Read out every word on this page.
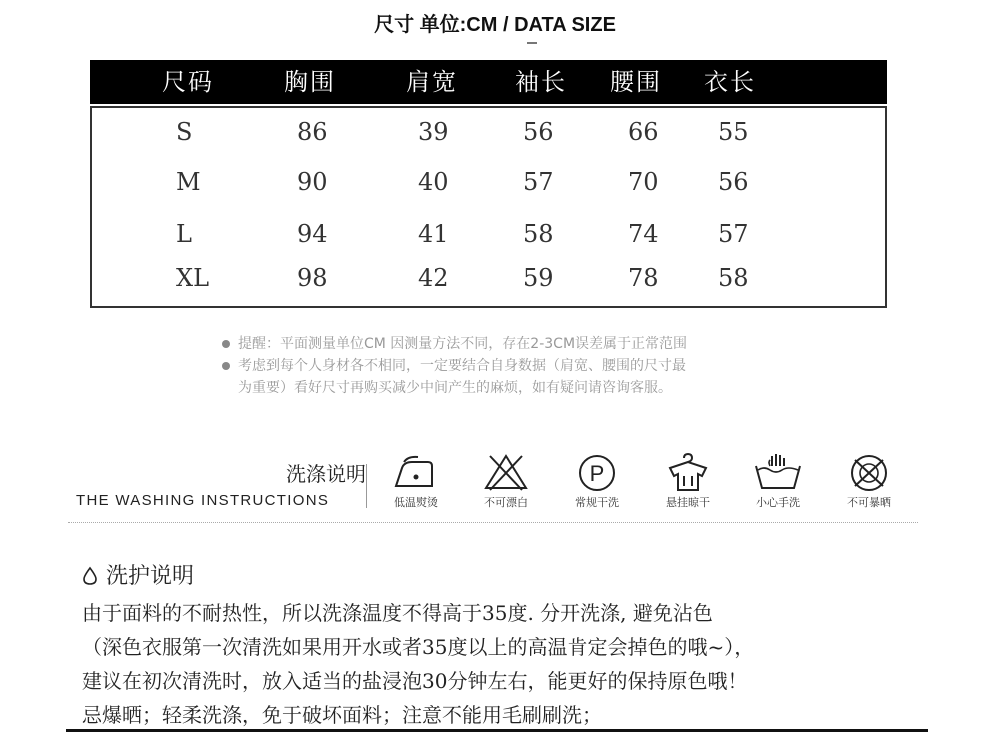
尺寸 单位:CM / DATA SIZE
尺码	胸围	肩宽 袖长 腰围 衣长
S	86	39	56	66 55
M	90	40	57	70 56
L	94	41	58	74 57
XL	98	42	59	78 58
提醒：平面测量单位CM 因测量方法不同，存在2-3CM误差属于正常范围
考虑到每个人身材各不相同，一定要结合自身数据（肩宽、腰围的尺寸最
为重要）看好尺寸再购买减少中间产生的麻烦，如有疑问请咨询客服。
洗涤说明
THE WASHING INSTRUCTIONS	低温熨烫	不可漂白
P
常规干洗	悬挂晾干	小心手洗	不可暴晒
洗护说明
由于面料的不耐热性，所以洗涤温度不得高于35度. 分开洗涤, 避免沾色
（深色衣服第一次清洗如果用开水或者35度以上的高温肯定会掉色的哦~），
建议在初次清洗时，放入适当的盐浸泡30分钟左右，能更好的保持原色哦！
忌爆晒；轻柔洗涤，免于破坏面料；注意不能用毛刷刷洗；
